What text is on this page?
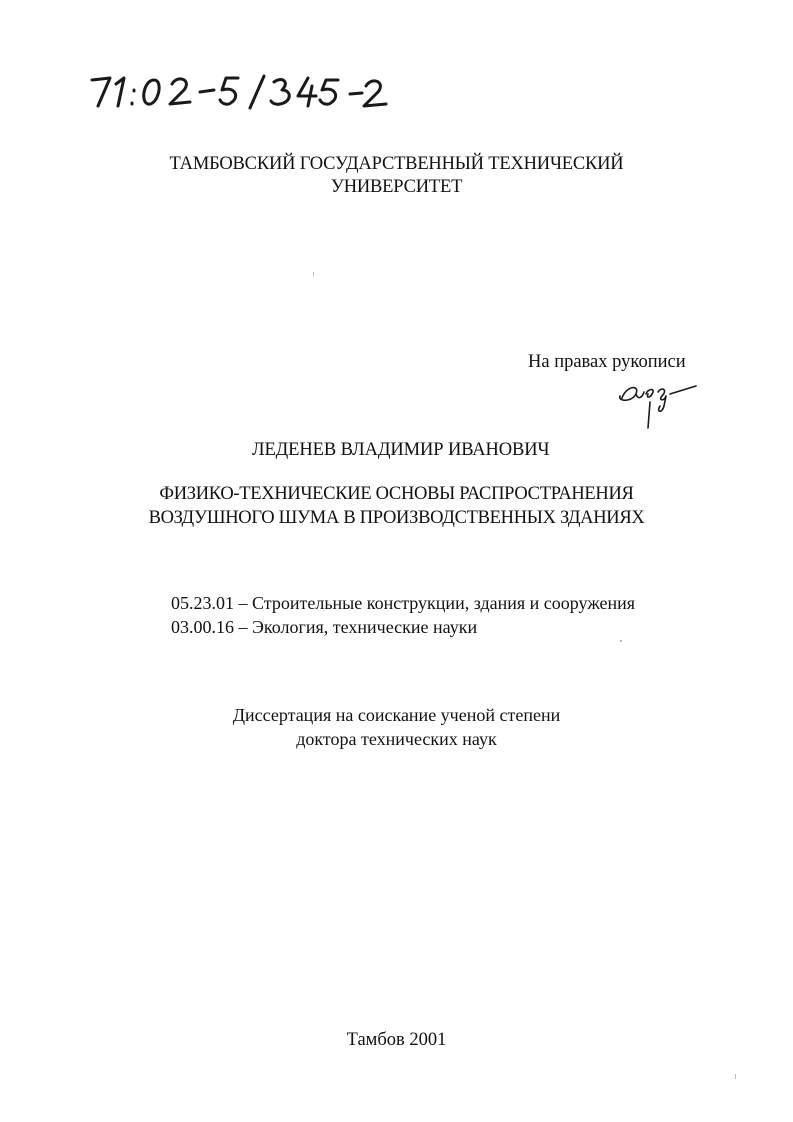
ТАМБОВСКИЙ ГОСУДАРСТВЕННЫЙ ТЕХНИЧЕСКИЙ
УНИВЕРСИТЕТ
На правах рукописи
ЛЕДЕНЕВ ВЛАДИМИР ИВАНОВИЧ
ФИЗИКО-ТЕХНИЧЕСКИЕ ОСНОВЫ РАСПРОСТРАНЕНИЯ
ВОЗДУШНОГО ШУМА В ПРОИЗВОДСТВЕННЫХ ЗДАНИЯХ
05.23.01 – Строительные конструкции, здания и сооружения
03.00.16 – Экология, технические науки
Диссертация на соискание ученой степени
доктора технических наук
Тамбов 2001
